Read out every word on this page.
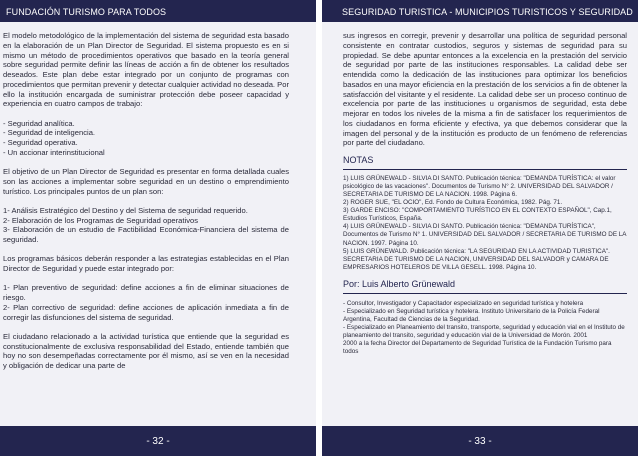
FUNDACIÓN TURISMO PARA TODOS

El modelo metodológico de la implementación del sistema de seguridad esta basado en la elaboración de un Plan Director de Seguridad. El sistema propuesto es en si mismo un método de procedimientos operativos que basado en la teoría general sobre seguridad permite definir las líneas de acción a fin de obtener los resultados deseados. Este plan debe estar integrado por un conjunto de programas con procedimientos que permitan prevenir y detectar cualquier actividad no deseada. Por ello la institución encargada de suministrar protección debe poseer capacidad y experiencia en cuatro campos de trabajo:

- Seguridad analítica.
- Seguridad de inteligencia.
- Seguridad operativa.
- Un accionar interinstitucional

El objetivo de un Plan Director de Seguridad es presentar en forma detallada cuales son las acciones a implementar sobre seguridad en un destino o emprendimiento turístico. Los principales puntos de un plan son:

1- Análisis Estratégico del Destino y del Sistema de seguridad requerido.

2- Elaboración de los Programas de Seguridad operativos

3- Elaboración de un estudio de Factibilidad Económica-Financiera del sistema de seguridad.

Los programas básicos deberán responder a las estrategias establecidas en el Plan Director de Seguridad y puede estar integrado por:

1- Plan preventivo de seguridad: define acciones a fin de eliminar situaciones de riesgo.

2- Plan correctivo de seguridad: define acciones de aplicación inmediata a fin de corregir las disfunciones del sistema de seguridad.

El ciudadano relacionado a la actividad turística que entiende que la seguridad es constitucionalmente de exclusiva responsabilidad del Estado, entiende también que hoy no son desempeñadas correctamente por él mismo, así se ven en la necesidad y obligación de dedicar una parte de

- 32 -
SEGURIDAD TURISTICA - MUNICIPIOS TURISTICOS Y SEGURIDAD

sus ingresos en corregir, prevenir y desarrollar una política de seguridad personal consistente en contratar custodios, seguros y sistemas de seguridad para su propiedad. Se debe apuntar entonces a la excelencia en la prestación del servicio de seguridad por parte de las instituciones responsables. La calidad debe ser entendida como la dedicación de las instituciones para optimizar los beneficios basados en una mayor eficiencia en la prestación de los servicios a fin de obtener la satisfacción del visitante y el residente. La calidad debe ser un proceso continuo de excelencia por parte de las instituciones u organismos de seguridad, esta debe mejorar en todos los niveles de la misma a fin de satisfacer los requerimientos de los ciudadanos en forma eficiente y efectiva, ya que debemos considerar que la imagen del personal y de la institución es producto de un fenómeno de referencias por parte del ciudadano.

NOTAS

1) LUIS GRÜNEWALD - SILVIA DI SANTO. Publicación técnica: "DEMANDA TURÍSTICA: el valor psicológico de las vacaciones". Documentos de Turismo N° 2. UNIVERSIDAD DEL SALVADOR / SECRETARIA DE TURISMO DE LA NACION. 1998. Página 6.

2) ROGER SUE, "EL OCIO", Ed. Fondo de Cultura Económica, 1982. Pág. 71.

3) GARDE ENCISO: "COMPORTAMIENTO TURÍSTICO EN EL CONTEXTO ESPAÑOL", Cap.1, Estudios Turísticos, España.

4) LUIS GRÜNEWALD - SILVIA DI SANTO. Publicación técnica: "DEMANDA TURÍSTICA", Documentos de Turismo N° 1. UNIVERSIDAD DEL SALVADOR / SECRETARIA DE TURISMO DE LA NACION. 1997. Página 10.

5) LUIS GRÜNEWALD. Publicación técnica: "LA SEGURIDAD EN LA ACTIVIDAD TURISTICA". SECRETARIA DE TURISMO DE LA NACION, UNIVERSIDAD DEL SALVADOR y CAMARA DE EMPRESARIOS HOTELEROS DE VILLA GESELL. 1998. Página 10.

Por: Luis Alberto Grünewald

- Consultor, Investigador y Capacitador especializado en seguridad turística y hotelera

- Especializado en Seguridad turística y hotelera. Instituto Universitario de la Policía Federal Argentina, Facultad de Ciencias de la Seguridad.

- Especializado en Planeamiento del transito, transporte, seguridad y educación vial en el Instituto de planeamiento del transito, seguridad y educación vial de la Universidad de Morón. 2001

2000 a la fecha Director del Departamento de Seguridad Turística de la Fundación Turismo para todos

- 33 -
